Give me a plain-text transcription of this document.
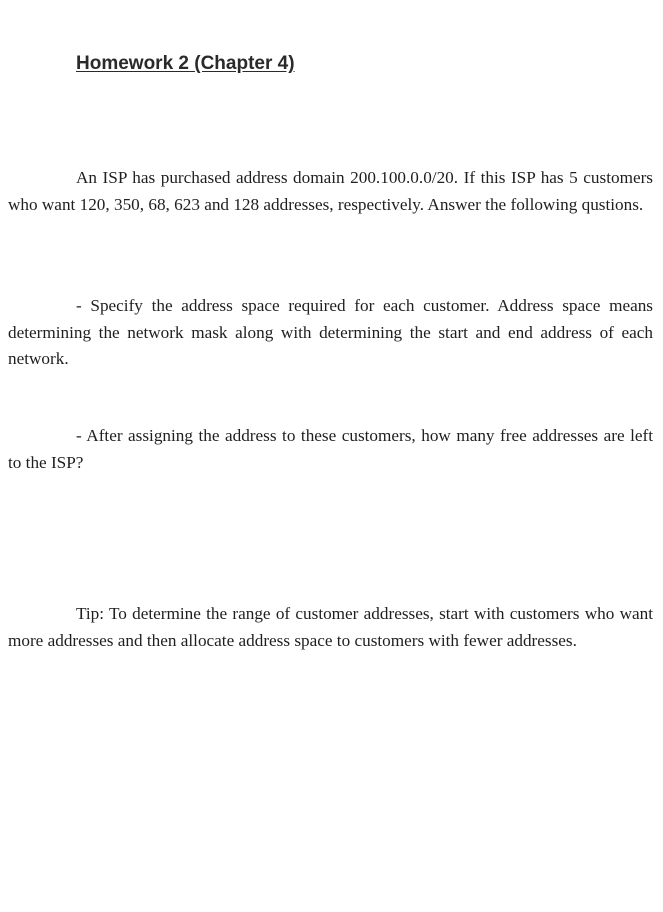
Homework 2 (Chapter 4)

An ISP has purchased address domain 200.100.0.0/20. If this ISP has 5 customers who want 120, 350, 68, 623 and 128 addresses, respectively. Answer the following qustions.

- Specify the address space required for each customer. Address space means determining the network mask along with determining the start and end address of each network.

- After assigning the address to these customers, how many free addresses are left to the ISP?

Tip: To determine the range of customer addresses, start with customers who want more addresses and then allocate address space to customers with fewer addresses.
